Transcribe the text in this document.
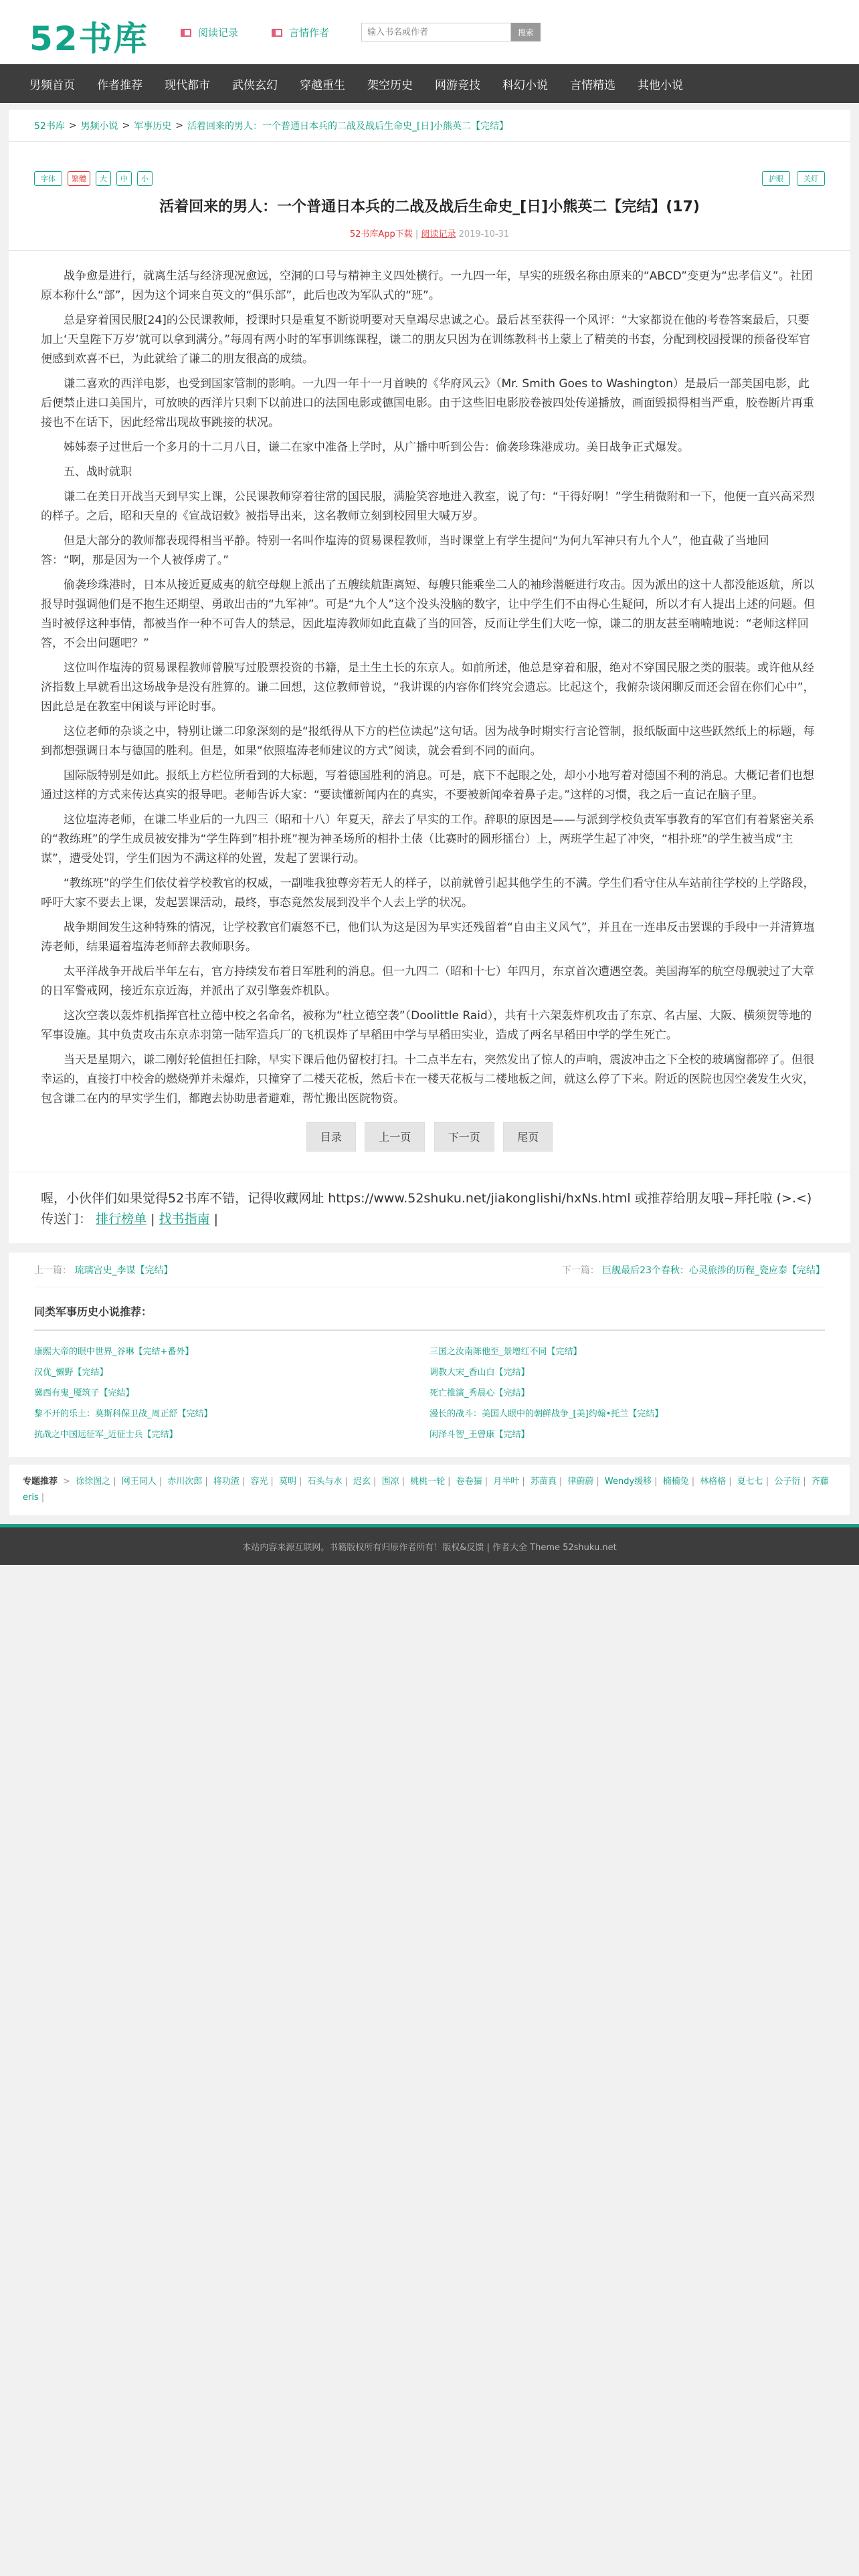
52书库	阅读记录	言情作者
输入书名或作者	搜索
男频首页 作者推荐 现代都市 武侠玄幻 穿越重生 架空历史 网游竞技 科幻小说 言情精选 其他小说
52书库 > 男频小说 > 军事历史 > 活着回来的男人：一个普通日本兵的二战及战后生命史_[日]小熊英二【完结】
字体	繁體	大	中	小	护眼	关灯
活着回来的男人：一个普通日本兵的二战及战后生命史_[日]小熊英二【完结】(17)
52书库App下载 | 阅读记录 2019-10-31

战争愈是进行，就离生活与经济现况愈远，空洞的口号与精神主义四处横行。一九四一年，早实的班级名称由原来的“ABCD”变更为“忠孝信义”。社团原本称什么“部”，因为这个词来自英文的“俱乐部”，此后也改为军队式的“班”。

总是穿着国民服[24]的公民课教师，授课时只是重复不断说明要对天皇竭尽忠诚之心。最后甚至获得一个风评：“大家都说在他的考卷答案最后，只要加上‘天皇陛下万岁’就可以拿到满分。”每周有两小时的军事训练课程，谦二的朋友只因为在训练教科书上蒙上了精美的书套，分配到校园授课的预备役军官便感到欢喜不已，为此就给了谦二的朋友很高的成绩。

谦二喜欢的西洋电影，也受到国家管制的影响。一九四一年十一月首映的《华府风云》（Mr. Smith Goes to Washington）是最后一部美国电影，此后便禁止进口美国片，可放映的西洋片只剩下以前进口的法国电影或德国电影。由于这些旧电影胶卷被四处传递播放，画面毁损得相当严重，胶卷断片再重接也不在话下，因此经常出现故事跳接的状况。

姊姊泰子过世后一个多月的十二月八日，谦二在家中准备上学时，从广播中听到公告：偷袭珍珠港成功。美日战争正式爆发。

五、战时就职

谦二在美日开战当天到早实上课，公民课教师穿着往常的国民服，满脸笑容地进入教室，说了句：“干得好啊！”学生稍微附和一下，他便一直兴高采烈的样子。之后，昭和天皇的《宣战诏敕》被指导出来，这名教师立刻到校园里大喊万岁。

但是大部分的教师都表现得相当平静。特别一名叫作塩涛的贸易课程教师，当时课堂上有学生提问“为何九军神只有九个人”，他直截了当地回答：“啊，那是因为一个人被俘虏了。”

偷袭珍珠港时，日本从接近夏威夷的航空母舰上派出了五艘续航距离短、每艘只能乘坐二人的袖珍潜艇进行攻击。因为派出的这十人都没能返航，所以报导时强调他们是不抱生还期望、勇敢出击的“九军神”。可是“九个人”这个没头没脑的数字，让中学生们不由得心生疑问，所以才有人提出上述的问题。但当时被俘这种事情，都被当作一种不可告人的禁忌，因此塩涛教师如此直截了当的回答，反而让学生们大吃一惊，谦二的朋友甚至喃喃地说：“老师这样回答，不会出问题吧？”

这位叫作塩涛的贸易课程教师曾膜写过股票投资的书籍，是土生土长的东京人。如前所述，他总是穿着和服，绝对不穿国民服之类的服装。或许他从经济指数上早就看出这场战争是没有胜算的。谦二回想，这位教师曾说，“我讲课的内容你们终究会遗忘。比起这个，我俯杂谈闲聊反而还会留在你们心中”，因此总是在教室中闲谈与评论时事。

这位老师的杂谈之中，特别让谦二印象深刻的是“报纸得从下方的栏位读起”这句话。因为战争时期实行言论管制，报纸版面中这些跃然纸上的标题，每到都想强调日本与德国的胜利。但是，如果“依照塩涛老师建议的方式”阅读，就会看到不同的面向。

国际版特别是如此。报纸上方栏位所看到的大标题，写着德国胜利的消息。可是，底下不起眼之处，却小小地写着对德国不利的消息。大概记者们也想通过这样的方式来传达真实的报导吧。老师告诉大家：“要读懂新闻内在的真实，不要被新闻牵着鼻子走。”这样的习惯，我之后一直记在脑子里。

这位塩涛老师，在谦二毕业后的一九四三（昭和十八）年夏天，辞去了早实的工作。辞职的原因是——与派到学校负责军事教育的军官们有着紧密关系的“教练班”的学生成员被安排为“学生阵到”相扑班”视为神圣场所的相扑土俵（比赛时的圆形擂台）上，两班学生起了冲突，“相扑班”的学生被当成“主谋”，遭受处罚，学生们因为不满这样的处置，发起了罢课行动。

“教练班”的学生们依仗着学校教官的权威，一副唯我独尊旁若无人的样子，以前就曾引起其他学生的不满。学生们看守住从车站前往学校的上学路段，呼吁大家不要去上课，发起罢课活动，最终，事态竟然发展到没半个人去上学的状况。

战争期间发生这种特殊的情况，让学校教官们震怒不已，他们认为这是因为早实还残留着“自由主义风气”，并且在一连串反击罢课的手段中一并清算塩涛老师，结果逼着塩涛老师辞去教师职务。

太平洋战争开战后半年左右，官方持续发布着日军胜利的消息。但一九四二（昭和十七）年四月，东京首次遭遇空袭。美国海军的航空母舰驶过了大章的日军警戒网，接近东京近海，并派出了双引擎轰炸机队。

这次空袭以轰炸机指挥官杜立德中校之名命名，被称为“杜立德空袭”（Doolittle Raid），共有十六架轰炸机攻击了东京、名古屋、大阪、横须贺等地的军事设施。其中负责攻击东京赤羽第一陆军造兵厂的飞机误炸了早稻田中学与早稻田实业，造成了两名早稻田中学的学生死亡。

当天是星期六，谦二刚好轮值担任扫除，早实下课后他仍留校打扫。十二点半左右，突然发出了惊人的声响，震波冲击之下全校的玻璃窗都碎了。但很幸运的，直接打中校舍的燃烧弹并未爆炸，只撞穿了二楼天花板，然后卡在一楼天花板与二楼地板之间，就这么停了下来。附近的医院也因空袭发生火灾，包含谦二在内的早实学生们，都跑去协助患者避难，帮忙搬出医院物资。

目录	上一页	下一页	尾页
喔，小伙伴们如果觉得52书库不错，记得收藏网址 https://www.52shuku.net/jiakonglishi/hxNs.html 或推荐给朋友哦~拜托啦 (>.<)
传送门： 排行榜单 | 找书指南 |
上一篇： 琉璃宫史_李谋【完结】	下一篇： 巨舰最后23个春秋：心灵旅涉的历程_瓷应泰【完结】
同类军事历史小说推荐：
康熙大帝的眼中世界_谷琳【完结+番外】	三国之汝南陈他至_景增红不同【完结】
汉优_懒野【完结】	调教大宋_香山白【完结】
冀西有鬼_魇筑子【完结】	死亡推演_秀晨心【完结】
黎不开的乐土：莫斯科保卫战_周正舒【完结】	漫长的战斗：美国人眼中的朝鲜战争_[美]约翰•托兰【完结】
抗战之中国远征军_近征士兵【完结】	闲泽斗智_王曾康【完结】
专题推荐 > 徐徐图之 | 网王同人 | 赤川次郎 | 将功渣 | 容光 | 莫明 | 石头与水 | 迟玄 | 围凉 | 桃桃一轮 | 卷卷猫 | 月半叶 | 苏苗真 | 律蔚蔚 | Wendy缓移 | 楠楠兔 | 林格格 | 夏七七 | 公子衍 | 齐藤eris |
本站内容来源互联网。书籍版权所有归原作者所有！版权&反馈 | 作者大全 Theme 52shuku.net
